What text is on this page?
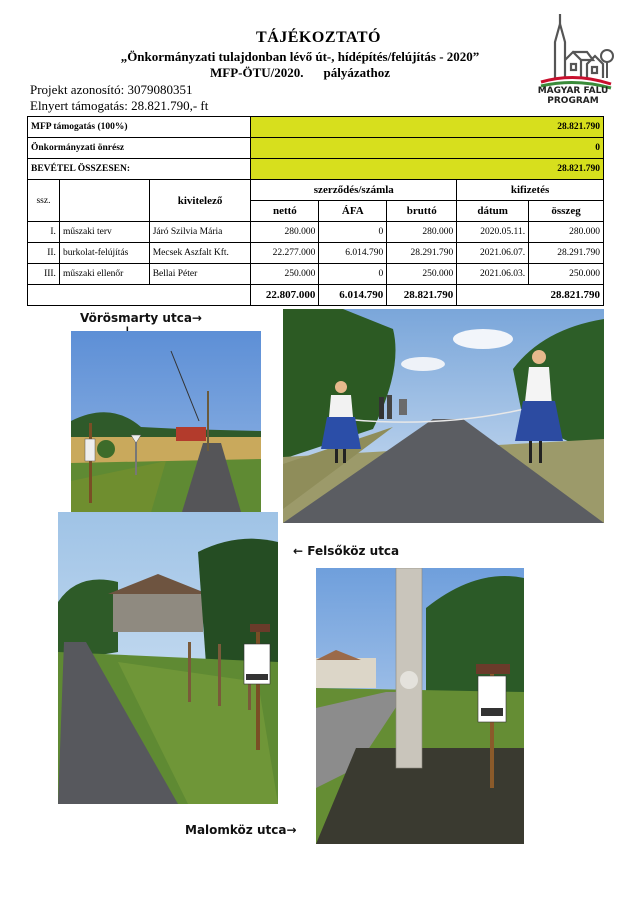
TÁJÉKOZTATÓ
„Önkormányzati tulajdonban lévő út-, hídépítés/felújítás - 2020”
MFP-ÖTU/2020. pályázathoz
Projekt azonosító: 3079080351
Elnyert támogatás: 28.821.790,- ft
MAGYAR FALU
PROGRAM
MFP támogatás (100%)			28.821.790				
Önkormányzati önrész			0				
BEVÉTEL ÖSSZESEN:			28.821.790				
ssz.		kivitelező	szerződés/számla			kifizetés	
			nettó	ÁFA	bruttó	dátum	összeg
I.	műszaki terv	Járó Szilvia Mária	280.000	0	280.000	2020.05.11.	280.000
II.	burkolat-felújítás	Mecsek Aszfalt Kft.	22.277.000	6.014.790	28.291.790	2021.06.07.	28.291.790
III.	műszaki ellenőr	Bellai Péter	250.000	0	250.000	2021.06.03.	250.000
			22.807.000	6.014.790	28.821.790	28.821.790	
Vörösmarty utca→
← Felsőköz utca
Malomköz utca→
